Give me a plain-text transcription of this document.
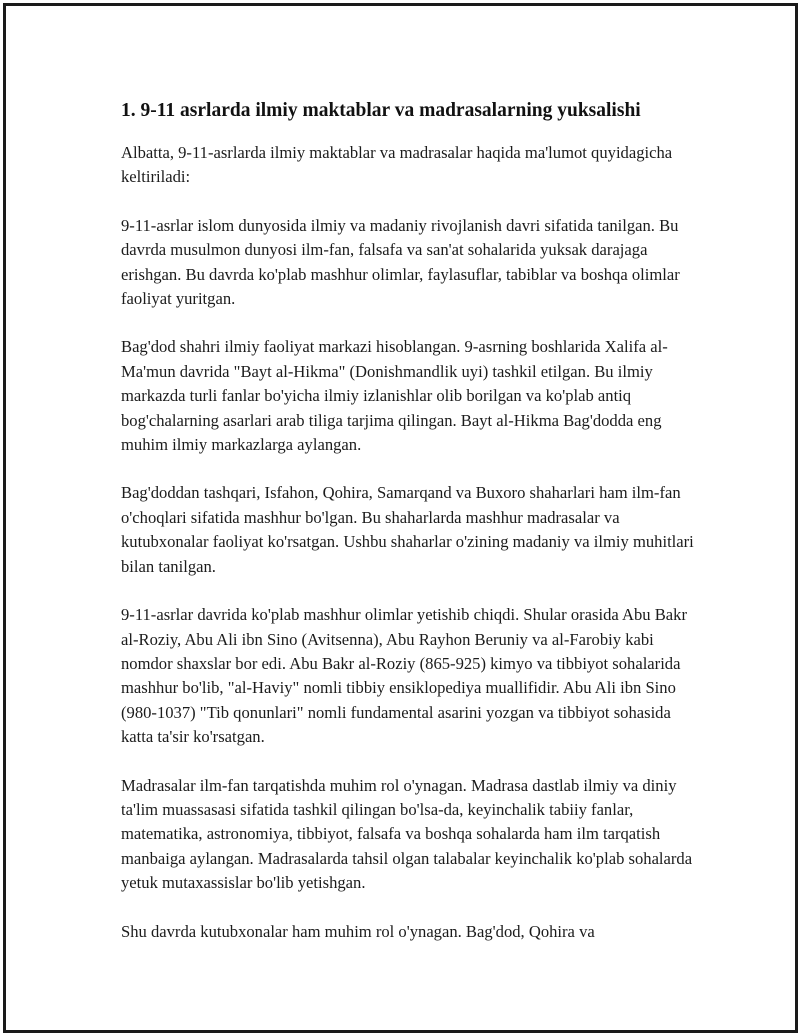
1. 9-11 asrlarda ilmiy maktablar va madrasalarning yuksalishi

Albatta, 9-11-asrlarda ilmiy maktablar va madrasalar haqida ma'lumot quyidagicha keltiriladi:

9-11-asrlar islom dunyosida ilmiy va madaniy rivojlanish davri sifatida tanilgan. Bu davrda musulmon dunyosi ilm-fan, falsafa va san'at sohalarida yuksak darajaga erishgan. Bu davrda ko'plab mashhur olimlar, faylasuflar, tabiblar va boshqa olimlar faoliyat yuritgan.

Bag'dod shahri ilmiy faoliyat markazi hisoblangan. 9-asrning boshlarida Xalifa al-Ma'mun davrida "Bayt al-Hikma" (Donishmandlik uyi) tashkil etilgan. Bu ilmiy markazda turli fanlar bo'yicha ilmiy izlanishlar olib borilgan va ko'plab antiq bog'chalarning asarlari arab tiliga tarjima qilingan. Bayt al-Hikma Bag'dodda eng muhim ilmiy markazlarga aylangan.

Bag'doddan tashqari, Isfahon, Qohira, Samarqand va Buxoro shaharlari ham ilm-fan o'choqlari sifatida mashhur bo'lgan. Bu shaharlarda mashhur madrasalar va kutubxonalar faoliyat ko'rsatgan. Ushbu shaharlar o'zining madaniy va ilmiy muhitlari bilan tanilgan.

9-11-asrlar davrida ko'plab mashhur olimlar yetishib chiqdi. Shular orasida Abu Bakr al-Roziy, Abu Ali ibn Sino (Avitsenna), Abu Rayhon Beruniy va al-Farobiy kabi nomdor shaxslar bor edi. Abu Bakr al-Roziy (865-925) kimyo va tibbiyot sohalarida mashhur bo'lib, "al-Haviy" nomli tibbiy ensiklopediya muallifidir. Abu Ali ibn Sino (980-1037) "Tib qonunlari" nomli fundamental asarini yozgan va tibbiyot sohasida katta ta'sir ko'rsatgan.

Madrasalar ilm-fan tarqatishda muhim rol o'ynagan. Madrasa dastlab ilmiy va diniy ta'lim muassasasi sifatida tashkil qilingan bo'lsa-da, keyinchalik tabiiy fanlar, matematika, astronomiya, tibbiyot, falsafa va boshqa sohalarda ham ilm tarqatish manbaiga aylangan. Madrasalarda tahsil olgan talabalar keyinchalik ko'plab sohalarda yetuk mutaxassislar bo'lib yetishgan.

Shu davrda kutubxonalar ham muhim rol o'ynagan. Bag'dod, Qohira va
